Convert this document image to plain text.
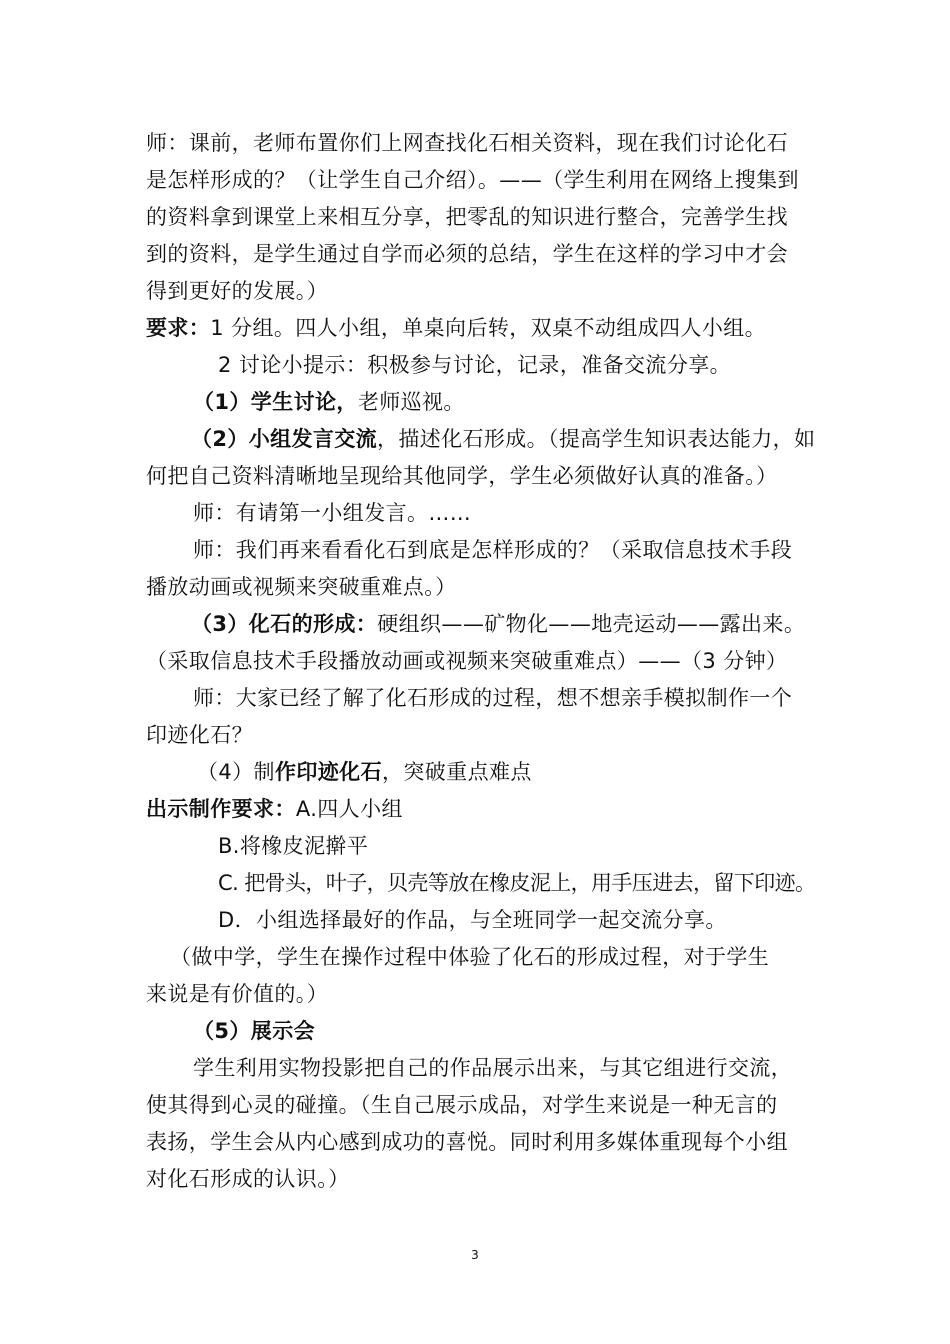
师：课前，老师布置你们上网查找化石相关资料，现在我们讨论化石
是怎样形成的？（让学生自己介绍）。——（学生利用在网络上搜集到
的资料拿到课堂上来相互分享，把零乱的知识进行整合，完善学生找
到的资料，是学生通过自学而必须的总结，学生在这样的学习中才会
得到更好的发展。）
要求：1 分组。四人小组，单桌向后转，双桌不动组成四人小组。
2 讨论小提示：积极参与讨论，记录，准备交流分享。
（1）学生讨论，老师巡视。
（2）小组发言交流，描述化石形成。（提高学生知识表达能力，如
何把自己资料清晰地呈现给其他同学，学生必须做好认真的准备。）
师：有请第一小组发言。……
师：我们再来看看化石到底是怎样形成的？（采取信息技术手段
播放动画或视频来突破重难点。）
（3）化石的形成：硬组织——矿物化——地壳运动——露出来。
（采取信息技术手段播放动画或视频来突破重难点）——（3 分钟）
师：大家已经了解了化石形成的过程，想不想亲手模拟制作一个
印迹化石？
（4）制作印迹化石，突破重点难点
出示制作要求：A.四人小组
B.将橡皮泥擀平
C. 把骨头，叶子，贝壳等放在橡皮泥上，用手压进去，留下印迹。
D．小组选择最好的作品，与全班同学一起交流分享。
（做中学，学生在操作过程中体验了化石的形成过程，对于学生
来说是有价值的。）
（5）展示会
学生利用实物投影把自己的作品展示出来，与其它组进行交流，
使其得到心灵的碰撞。（生自己展示成品，对学生来说是一种无言的
表扬，学生会从内心感到成功的喜悦。同时利用多媒体重现每个小组
对化石形成的认识。）
3
